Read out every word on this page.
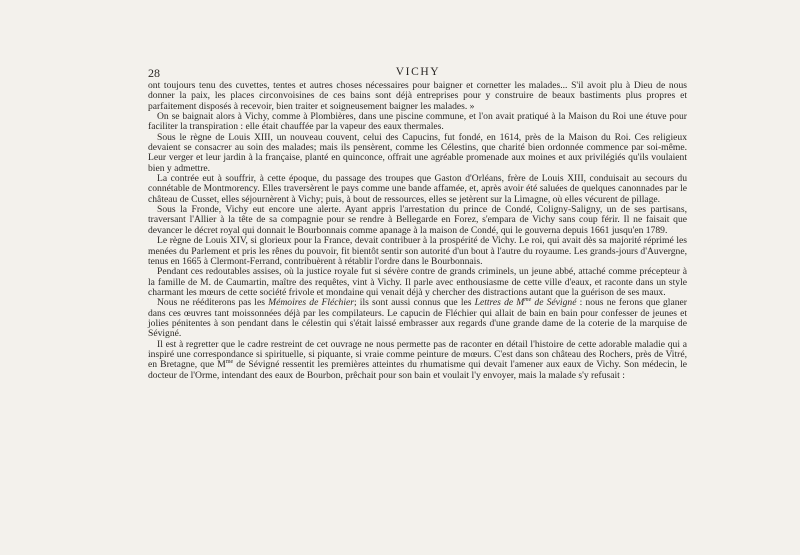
28	VICHY

ont toujours tenu des cuvettes, tentes et autres choses nécessaires pour baigner et cornetter les malades... S'il avoit plu à Dieu de nous donner la paix, les places circonvoisines de ces bains sont déjà entreprises pour y construire de beaux bastiments plus propres et parfaitement disposés à recevoir, bien traiter et soigneusement baigner les malades. »

On se baignait alors à Vichy, comme à Plombières, dans une piscine commune, et l'on avait pratiqué à la Maison du Roi une étuve pour faciliter la transpiration : elle était chauffée par la vapeur des eaux thermales.

Sous le règne de Louis XIII, un nouveau couvent, celui des Capucins, fut fondé, en 1614, près de la Maison du Roi. Ces religieux devaient se consacrer au soin des malades; mais ils pensèrent, comme les Célestins, que charité bien ordonnée commence par soi-même. Leur verger et leur jardin à la française, planté en quinconce, offrait une agréable promenade aux moines et aux privilégiés qu'ils voulaient bien y admettre.

La contrée eut à souffrir, à cette époque, du passage des troupes que Gaston d'Orléans, frère de Louis XIII, conduisait au secours du connétable de Montmorency. Elles traversèrent le pays comme une bande affamée, et, après avoir été saluées de quelques canonnades par le château de Cusset, elles séjournèrent à Vichy; puis, à bout de ressources, elles se jetèrent sur la Limagne, où elles vécurent de pillage.

Sous la Fronde, Vichy eut encore une alerte. Ayant appris l'arrestation du prince de Condé, Coligny-Saligny, un de ses partisans, traversant l'Allier à la tête de sa compagnie pour se rendre à Bellegarde en Forez, s'empara de Vichy sans coup férir. Il ne faisait que devancer le décret royal qui donnait le Bourbonnais comme apanage à la maison de Condé, qui le gouverna depuis 1661 jusqu'en 1789.

Le règne de Louis XIV, si glorieux pour la France, devait contribuer à la prospérité de Vichy. Le roi, qui avait dès sa majorité réprimé les menées du Parlement et pris les rênes du pouvoir, fit bientôt sentir son autorité d'un bout à l'autre du royaume. Les grands-jours d'Auvergne, tenus en 1665 à Clermont-Ferrand, contribuèrent à rétablir l'ordre dans le Bourbonnais.

Pendant ces redoutables assises, où la justice royale fut si sévère contre de grands criminels, un jeune abbé, attaché comme précepteur à la famille de M. de Caumartin, maître des requêtes, vint à Vichy. Il parle avec enthousiasme de cette ville d'eaux, et raconte dans un style charmant les mœurs de cette société frivole et mondaine qui venait déjà y chercher des distractions autant que la guérison de ses maux.

Nous ne rééditerons pas les Mémoires de Fléchier; ils sont aussi connus que les Lettres de $M^{me}$ de Sévigné : nous ne ferons que glaner dans ces œuvres tant moissonnées déjà par les compilateurs. Le capucin de Fléchier qui allait de bain en bain pour confesser de jeunes et jolies pénitentes à son pendant dans le célestin qui s'était laissé embrasser aux regards d'une grande dame de la coterie de la marquise de Sévigné.

Il est à regretter que le cadre restreint de cet ouvrage ne nous permette pas de raconter en détail l'histoire de cette adorable maladie qui a inspiré une correspondance si spirituelle, si piquante, si vraie comme peinture de mœurs. C'est dans son château des Rochers, près de Vitré, en Bretagne, que $M^{me}$ de Sévigné ressentit les premières atteintes du rhumatisme qui devait l'amener aux eaux de Vichy. Son médecin, le docteur de l'Orme, intendant des eaux de Bourbon, prêchait pour son bain et voulait l'y envoyer, mais la malade s'y refusait :
